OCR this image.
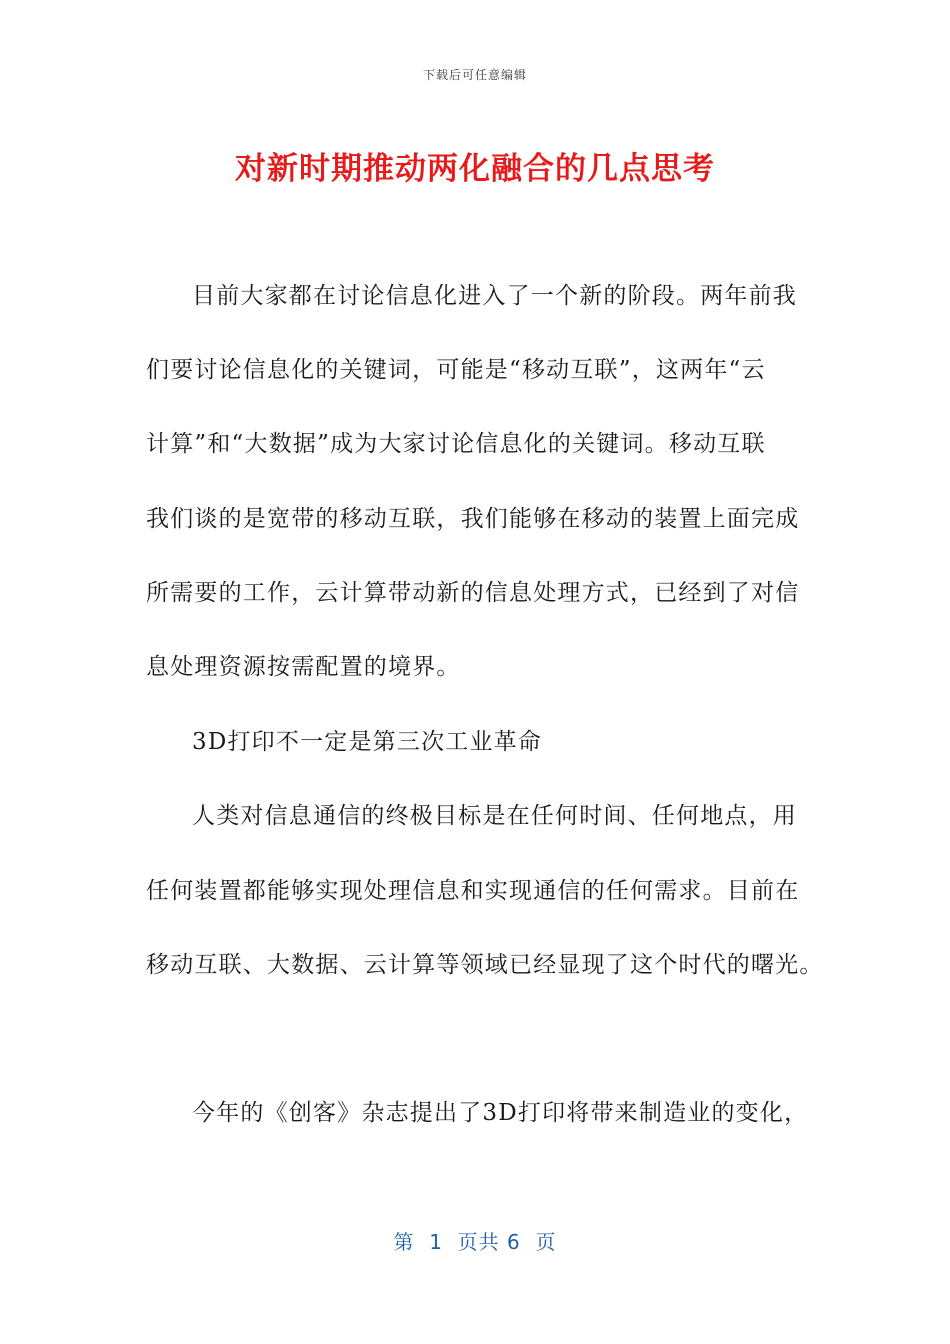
下载后可任意编辑
对新时期推动两化融合的几点思考
目前大家都在讨论信息化进入了一个新的阶段。两年前我
们要讨论信息化的关键词，可能是“移动互联”，这两年“云
计算”和“大数据”成为大家讨论信息化的关键词。移动互联
我们谈的是宽带的移动互联，我们能够在移动的装置上面完成
所需要的工作，云计算带动新的信息处理方式，已经到了对信
息处理资源按需配置的境界。
3D打印不一定是第三次工业革命
人类对信息通信的终极目标是在任何时间、任何地点，用
任何装置都能够实现处理信息和实现通信的任何需求。目前在
移动互联、大数据、云计算等领域已经显现了这个时代的曙光。
今年的《创客》杂志提出了3D打印将带来制造业的变化，
第  1  页共 6  页
